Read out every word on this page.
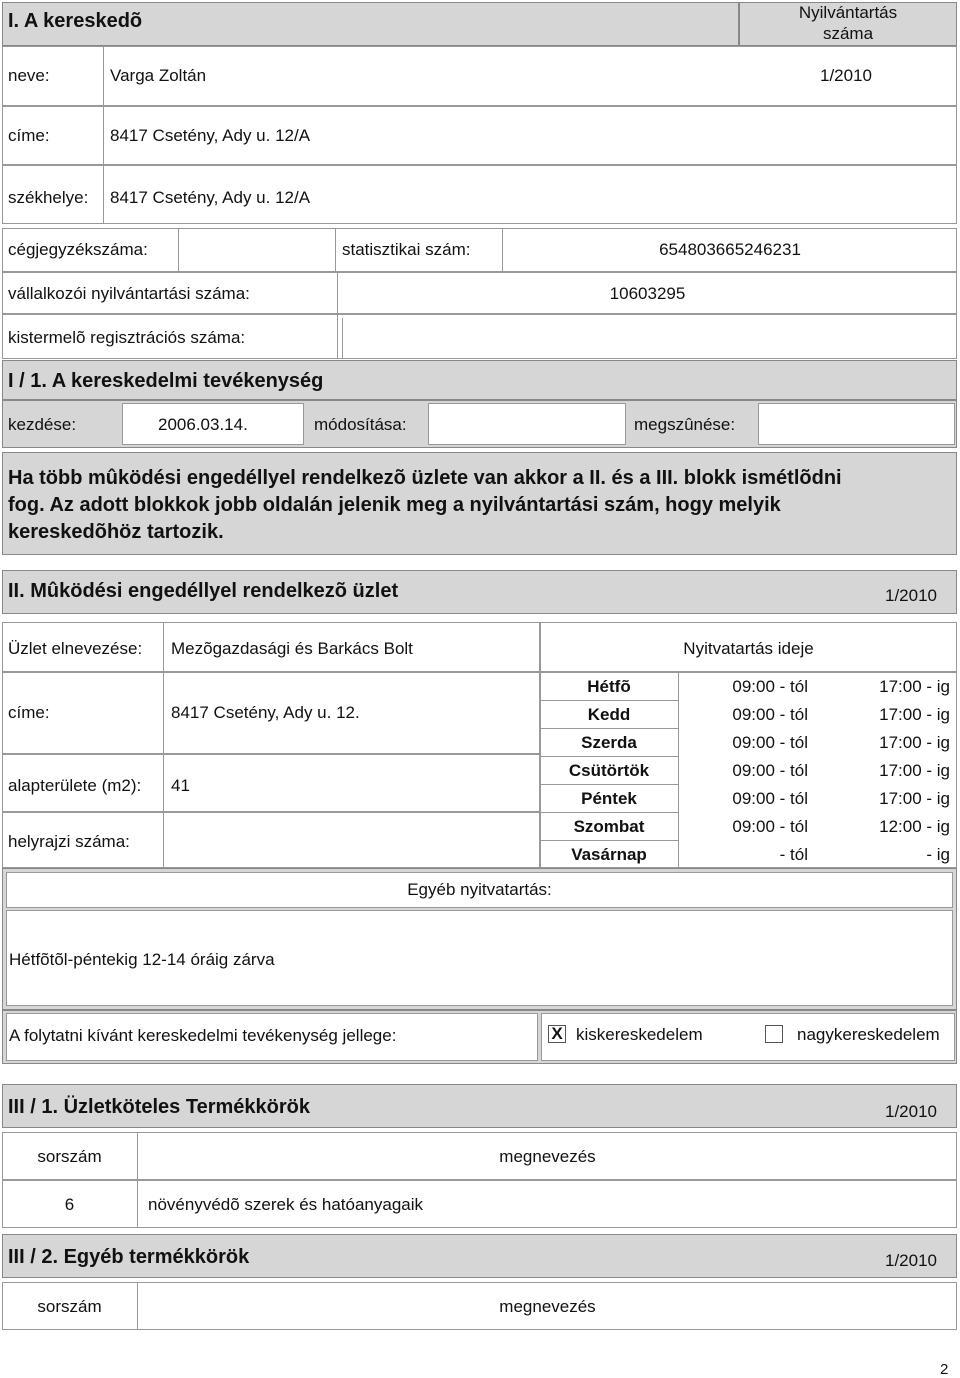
I. A kereskedõ	Nyilvántartás
száma
neve:	Varga Zoltán	1/2010
címe:	8417 Csetény, Ady u. 12/A
székhelye: 8417 Csetény, Ady u. 12/A
cégjegyzékszáma:	statisztikai szám:	654803665246231
vállalkozói nyilvántartási száma:	10603295
kistermelõ regisztrációs száma:
I / 1. A kereskedelmi tevékenység
kezdése:	2006.03.14.	módosítása:	megszûnése:
Ha több mûködési engedéllyel rendelkezõ üzlete van akkor a II. és a III. blokk ismétlõdni
fog. Az adott blokkok jobb oldalán jelenik meg a nyilvántartási szám, hogy melyik
kereskedõhöz tartozik.
II. Mûködési engedéllyel rendelkezõ üzlet	1/2010
Üzlet elnevezése: Mezõgazdasági és Barkács Bolt	Nyitvatartás ideje
címe:	8417 Csetény, Ady u. 12.
alapterülete (m2): 41
helyrajzi száma:
Hétfõ	09:00 - tól	17:00 - ig
Kedd	09:00 - tól	17:00 - ig
Szerda	09:00 - tól	17:00 - ig
Csütörtök	09:00 - tól	17:00 - ig
Péntek	09:00 - tól	17:00 - ig
Szombat	09:00 - tól	12:00 - ig
Vasárnap	- tól	- ig
Egyéb nyitvatartás:
Hétfõtõl-péntekig 12-14 óráig zárva
A folytatni kívánt kereskedelmi tevékenység jellege:	X kiskereskedelem	nagykereskedelem
III / 1. Üzletköteles Termékkörök	1/2010
sorszám	megnevezés
6	növényvédõ szerek és hatóanyagaik
III / 2. Egyéb termékkörök	1/2010
sorszám	megnevezés
2
